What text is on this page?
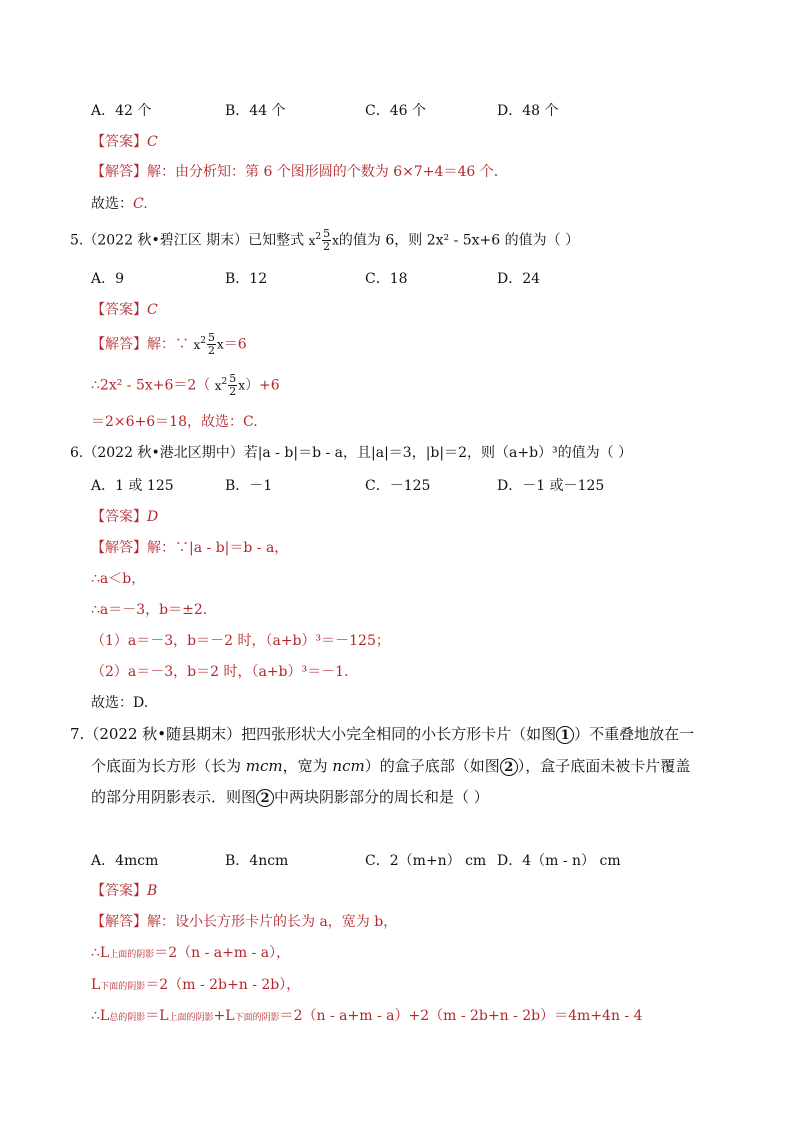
A．42 个	B．44 个	C．46 个	D．48 个
【答案】C
【解答】解：由分析知：第 6 个图形圆的个数为 6×7+4＝46 个.
故选：C.
5.（2022 秋•碧江区 期末）已知整式 $x^2 \frac{5}{2}$ x的值为 6，则 2x² - 5x+6 的值为（ ）
A．9	B．12	C．18	D．24
【答案】C
【解答】解：∵ $x^2 \frac{5}{2} x=6$
∴2x² - 5x+6＝2（ $x^2 \frac{5}{2} x)+6$
＝2×6+6＝18，故选：C.
6.（2022 秋•港北区期中）若|a - b|＝b - a，且|a|＝3，|b|＝2，则（a+b）³的值为（ ）
A．1 或 125	B．－1	C．－125	D．－1 或－125
【答案】D
【解答】解：∵|a - b|＝b - a，
∴a＜b，
∴a＝－3，b＝±2.
（1）a＝－3，b＝－2 时，（a+b）³＝－125；
（2）a＝－3，b＝2 时，（a+b）³＝－1.
故选：D.
7.（2022 秋•随县期末）把四张形状大小完全相同的小长方形卡片（如图 1 ）不重叠地放在一
个底面为长方形（长为 mcm，宽为 ncm）的盒子底部（如图 2 ），盒子底面未被卡片覆盖
的部分用阴影表示．则图 2 中两块阴影部分的周长和是（ ）
A．4mcm	B．4ncm	C．2（m+n） cm D．4（m - n） cm
【答案】B
【解答】解：设小长方形卡片的长为 a，宽为 b，
∴L上面的阴影＝2（n - a+m - a），
L下面的阴影＝2（m - 2b+n - 2b），
∴L总的阴影＝L上面的阴影+L下面的阴影＝2（n - a+m - a）+2（m - 2b+n - 2b）＝4m+4n - 4
